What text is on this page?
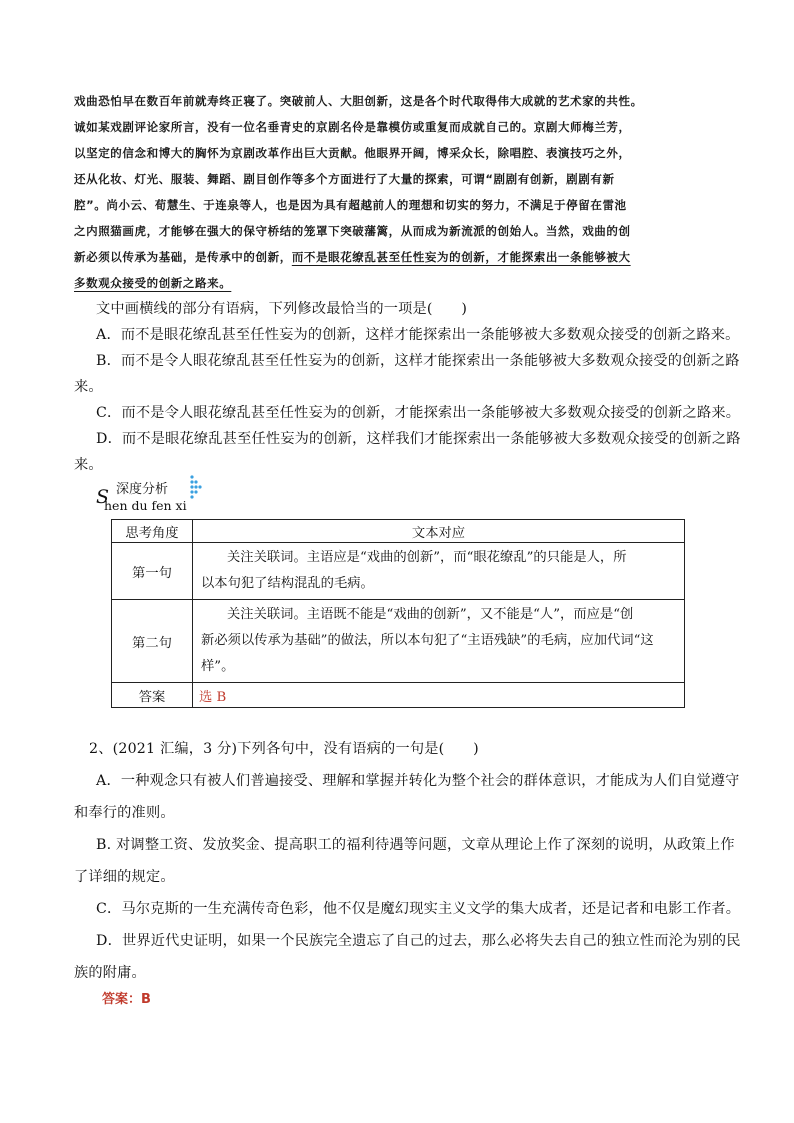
戏曲恐怕早在数百年前就寿终正寝了。突破前人、大胆创新，这是各个时代取得伟大成就的艺术家的共性。
诚如某戏剧评论家所言，没有一位名垂青史的京剧名伶是靠模仿或重复而成就自己的。京剧大师梅兰芳，
以坚定的信念和博大的胸怀为京剧改革作出巨大贡献。他眼界开阔，博采众长，除唱腔、表演技巧之外，
还从化妆、灯光、服装、舞蹈、剧目创作等多个方面进行了大量的探索，可谓“剧剧有创新，剧剧有新
腔”。尚小云、荀慧生、于连泉等人，也是因为具有超越前人的理想和切实的努力，不满足于停留在雷池
之内照猫画虎，才能够在强大的保守桥结的笼罩下突破藩篱，从而成为新流派的创始人。当然，戏曲的创
新必须以传承为基础，是传承中的创新，而不是眼花缭乱甚至任性妄为的创新，才能探索出一条能够被大
多数观众接受的创新之路来。
文中画横线的部分有语病，下列修改最恰当的一项是(　　)
A．而不是眼花缭乱甚至任性妄为的创新，这样才能探索出一条能够被大多数观众接受的创新之路来。
B．而不是令人眼花缭乱甚至任性妄为的创新，这样才能探索出一条能够被大多数观众接受的创新之路
来。
C．而不是令人眼花缭乱甚至任性妄为的创新，才能探索出一条能够被大多数观众接受的创新之路来。
D．而不是眼花缭乱甚至任性妄为的创新，这样我们才能探索出一条能够被大多数观众接受的创新之路
来。
S 深度分析
hen du fen xi
思考角度	文本对应
第一句	关注关联词。主语应是“戏曲的创新”，而“眼花缭乱”的只能是人，所
以本句犯了结构混乱的毛病。

第二句	关注关联词。主语既不能是“戏曲的创新”，又不能是“人”，而应是“创
新必须以传承为基础”的做法，所以本句犯了“主语残缺”的毛病，应加代词“这
样”。

答案	选 B
2、(2021 汇编，3 分)下列各句中，没有语病的一句是(　　)
A．一种观念只有被人们普遍接受、理解和掌握并转化为整个社会的群体意识，才能成为人们自觉遵守
和奉行的准则。
B. 对调整工资、发放奖金、提高职工的福利待遇等问题，文章从理论上作了深刻的说明，从政策上作
了详细的规定。
C．马尔克斯的一生充满传奇色彩，他不仅是魔幻现实主义文学的集大成者，还是记者和电影工作者。
D．世界近代史证明，如果一个民族完全遗忘了自己的过去，那么必将失去自己的独立性而沦为别的民
族的附庸。
答案：B
